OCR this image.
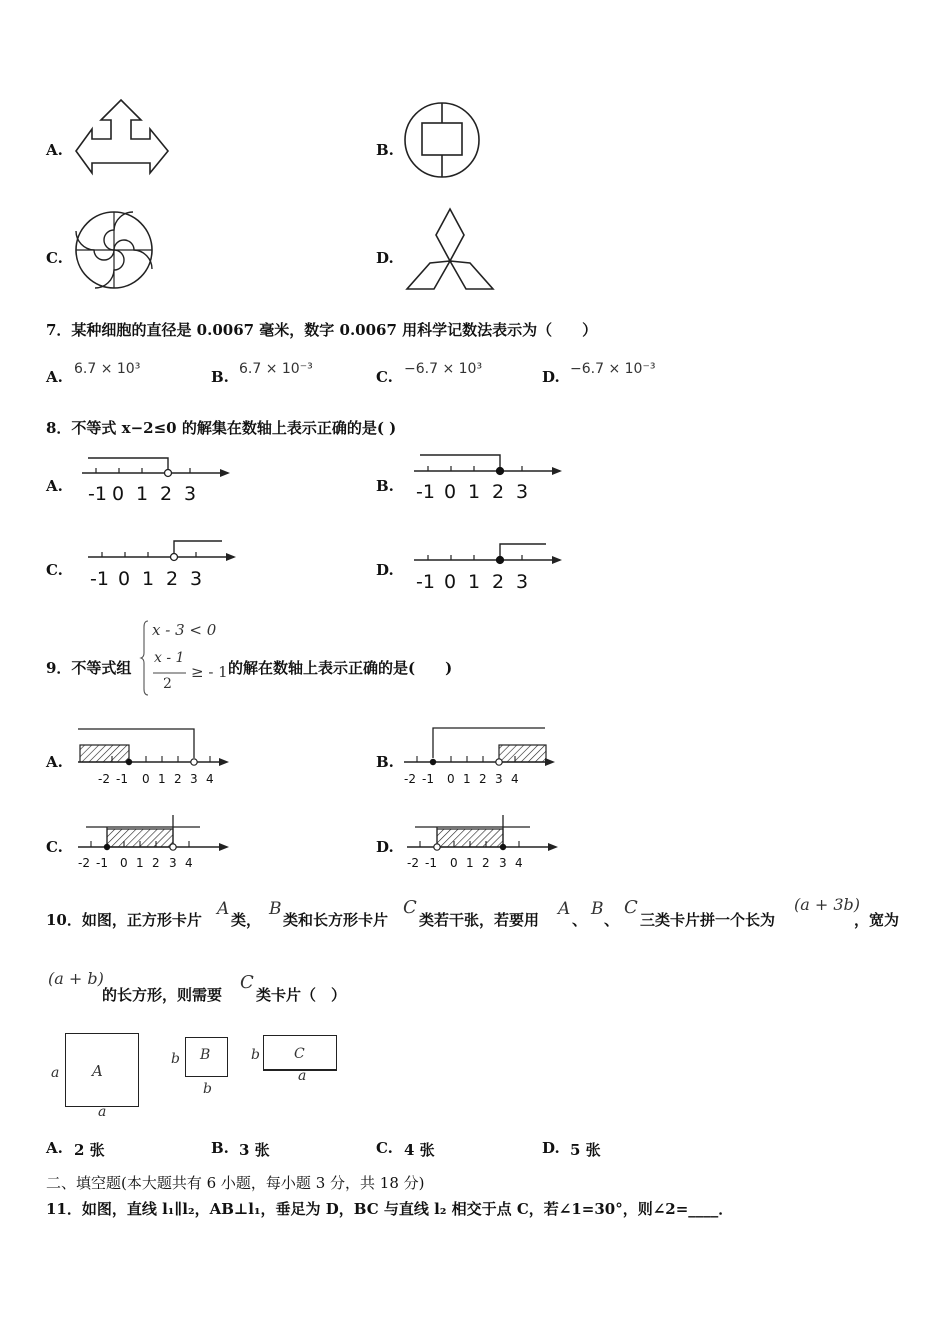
A.	B.
C.	D.
7．某种细胞的直径是 0.0067 毫米，数字 0.0067 用科学记数法表示为（　　）
A. 6.7 × 10³	B. 6.7 × 10⁻³	C. −6.7 × 10³	D. −6.7 × 10⁻³
8．不等式 x−2≤0 的解集在数轴上表示正确的是( )
A. -1 0 1 2 3	B. -1 0 1 2 3
C. -1 0 1 2 3	D.
-1 0 1 2 3
9．不等式组
x - 3 < 0
x - 1
2
≥ - 1 的解在数轴上表示正确的是(　　)
A.
-2 -1 0 1 2 3 4
B.
-2 -1 0 1 2 3 4
C.
-2 -1 0 1 2 3 4
D.
-2 -1 0 1 2 3 4
10．如图，正方形卡片
A
类，
B
类和长方形卡片
C
类若干张，若要用
A
、
B
、
C
三类卡片拼一个长为
(a + 3b)
，宽为
(a + b)
的长方形，则需要
C
类卡片（　）
A
a
a
B
b
b
C
b
a
A. 2 张	B. 3 张	C. 4 张	D. 5 张
二、填空题(本大题共有 6 小题，每小题 3 分，共 18 分)
11．如图，直线 l₁∥l₂，AB⊥l₁，垂足为 D，BC 与直线 l₂ 相交于点 C，若∠1=30°，则∠2=____．
